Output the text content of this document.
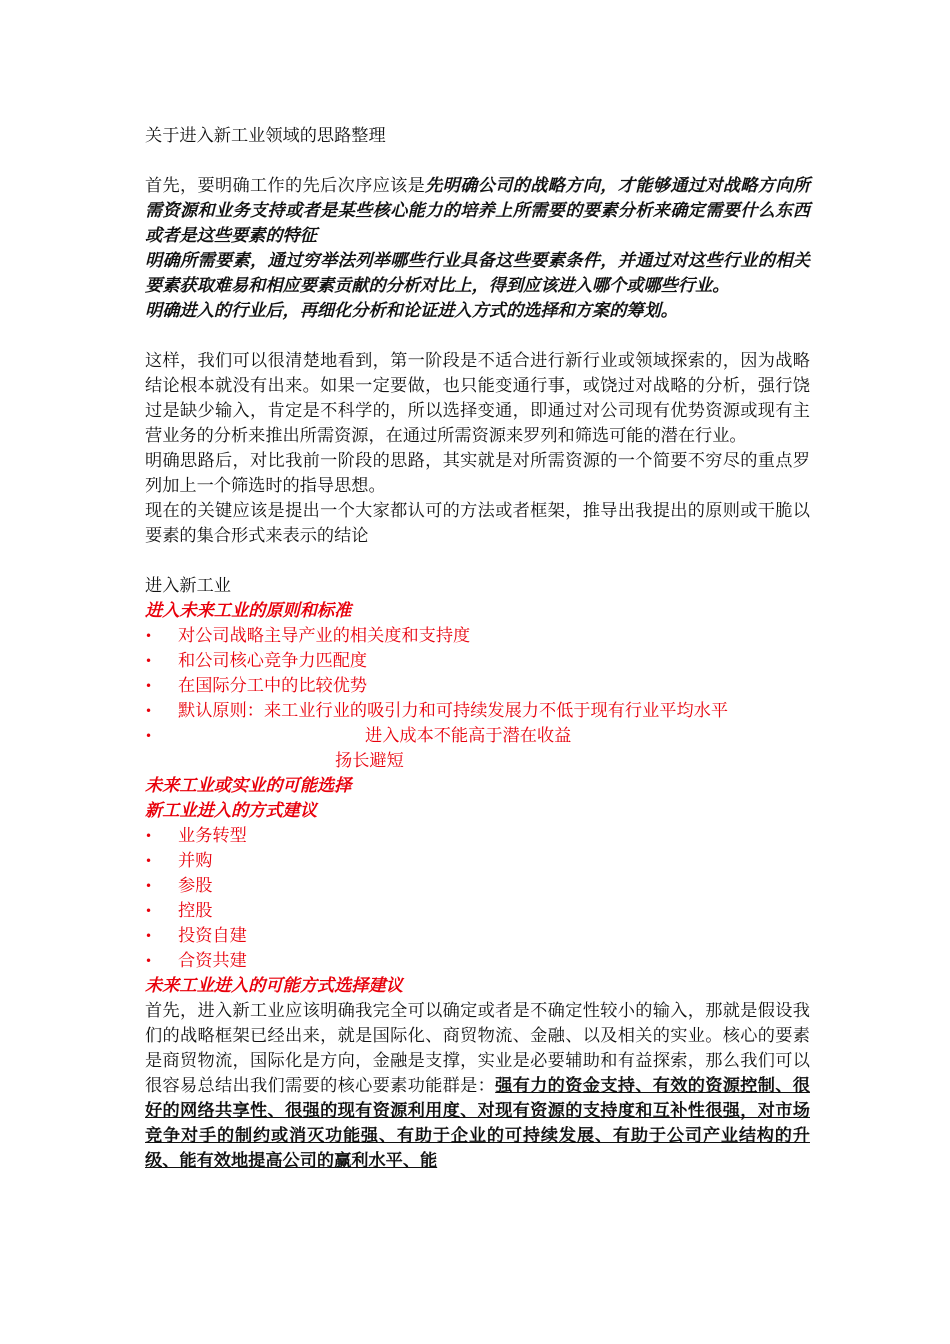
关于进入新工业领域的思路整理

首先，要明确工作的先后次序应该是先明确公司的战略方向，才能够通过对战略方向所需资源和业务支持或者是某些核心能力的培养上所需要的要素分析来确定需要什么东西或者是这些要素的特征

明确所需要素，通过穷举法列举哪些行业具备这些要素条件，并通过对这些行业的相关要素获取难易和相应要素贡献的分析对比上，得到应该进入哪个或哪些行业。

明确进入的行业后，再细化分析和论证进入方式的选择和方案的筹划。

这样，我们可以很清楚地看到，第一阶段是不适合进行新行业或领域探索的，因为战略结论根本就没有出来。如果一定要做，也只能变通行事，或饶过对战略的分析，强行饶过是缺少输入，肯定是不科学的，所以选择变通，即通过对公司现有优势资源或现有主营业务的分析来推出所需资源，在通过所需资源来罗列和筛选可能的潜在行业。

明确思路后，对比我前一阶段的思路，其实就是对所需资源的一个简要不穷尽的重点罗列加上一个筛选时的指导思想。

现在的关键应该是提出一个大家都认可的方法或者框架，推导出我提出的原则或干脆以要素的集合形式来表示的结论

进入新工业

进入未来工业的原则和标准

• 对公司战略主导产业的相关度和支持度

• 和公司核心竞争力匹配度

• 在国际分工中的比较优势

• 默认原则：来工业行业的吸引力和可持续发展力不低于现有行业平均水平

•	进入成本不能高于潜在收益

扬长避短

未来工业或实业的可能选择

新工业进入的方式建议

• 业务转型

• 并购

• 参股

• 控股

• 投资自建

• 合资共建

未来工业进入的可能方式选择建议

首先，进入新工业应该明确我完全可以确定或者是不确定性较小的输入，那就是假设我们的战略框架已经出来，就是国际化、商贸物流、金融、以及相关的实业。核心的要素是商贸物流，国际化是方向，金融是支撑，实业是必要辅助和有益探索，那么我们可以很容易总结出我们需要的核心要素功能群是：强有力的资金支持、有效的资源控制、很好的网络共享性、很强的现有资源利用度、对现有资源的支持度和互补性很强，对市场竞争对手的制约或消灭功能强、有助于企业的可持续发展、有助于公司产业结构的升级、能有效地提高公司的赢利水平、能
